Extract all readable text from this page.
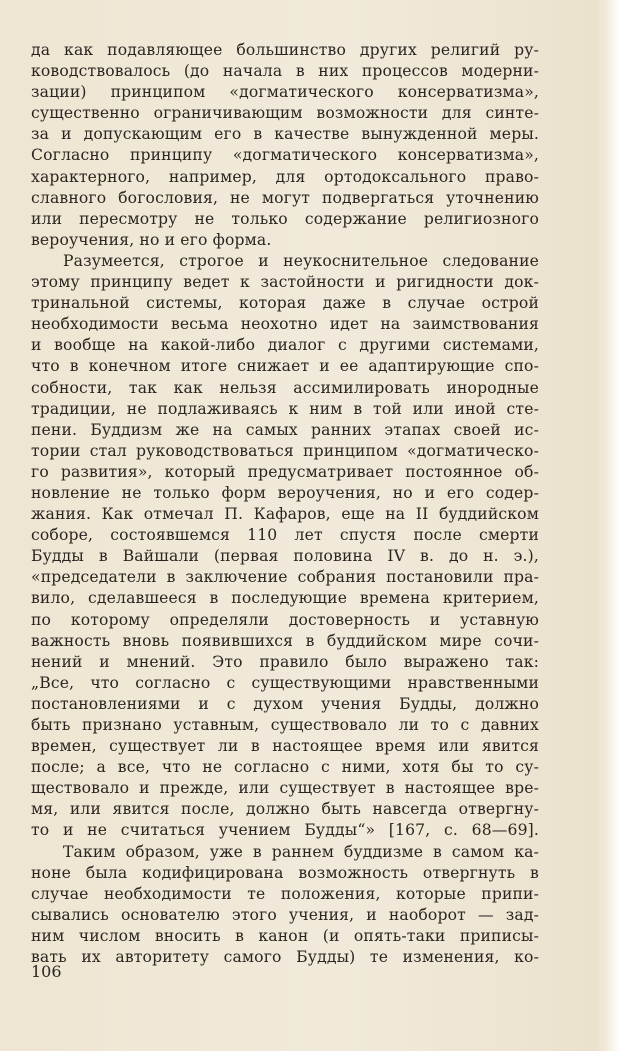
да как подавляющее большинство других религий ру-
ководствовалось (до начала в них процессов модерни-
зации) принципом «догматического консерватизма»,
существенно ограничивающим возможности для синте-
за и допускающим его в качестве вынужденной меры.
Согласно принципу «догматического консерватизма»,
характерного, например, для ортодоксального право-
славного богословия, не могут подвергаться уточнению
или пересмотру не только содержание религиозного
вероучения, но и его форма.
Разумеется, строгое и неукоснительное следование
этому принципу ведет к застойности и ригидности док-
тринальной системы, которая даже в случае острой
необходимости весьма неохотно идет на заимствования
и вообще на какой-либо диалог с другими системами,
что в конечном итоге снижает и ее адаптирующие спо-
собности, так как нельзя ассимилировать инородные
традиции, не подлаживаясь к ним в той или иной сте-
пени. Буддизм же на самых ранних этапах своей ис-
тории стал руководствоваться принципом «догматическо-
го развития», который предусматривает постоянное об-
новление не только форм вероучения, но и его содер-
жания. Как отмечал П. Кафаров, еще на II буддийском
соборе, состоявшемся 110 лет спустя после смерти
Будды в Вайшали (первая половина IV в. до н. э.),
«председатели в заключение собрания постановили пра-
вило, сделавшееся в последующие времена критерием,
по которому определяли достоверность и уставную
важность вновь появившихся в буддийском мире сочи-
нений и мнений. Это правило было выражено так:
„Все, что согласно с существующими нравственными
постановлениями и с духом учения Будды, должно
быть признано уставным, существовало ли то с давних
времен, существует ли в настоящее время или явится
после; а все, что не согласно с ними, хотя бы то су-
ществовало и прежде, или существует в настоящее вре-
мя, или явится после, должно быть навсегда отвергну-
то и не считаться учением Будды“» [167, с. 68—69].
Таким образом, уже в раннем буддизме в самом ка-
ноне была кодифицирована возможность отвергнуть в
случае необходимости те положения, которые припи-
сывались основателю этого учения, и наоборот — зад-
ним числом вносить в канон (и опять-таки приписы-
вать их авторитету самого Будды) те изменения, ко-
106
